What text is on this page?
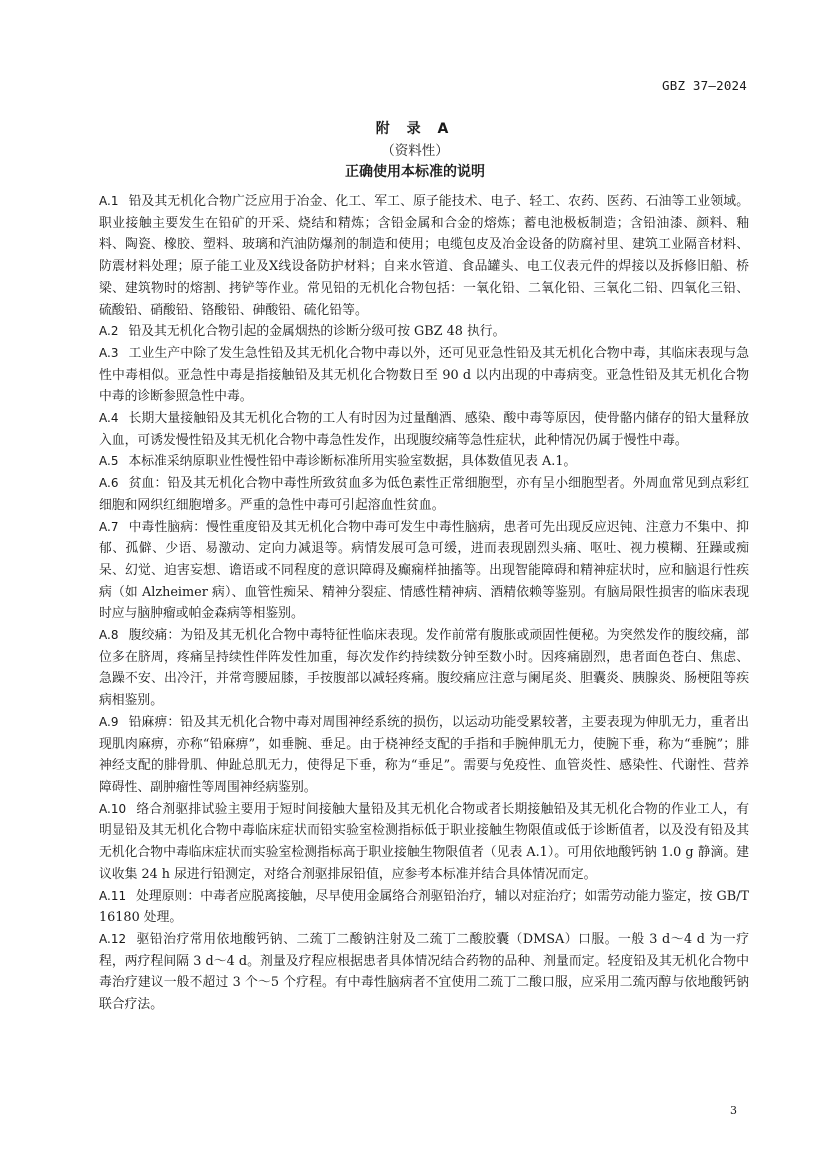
GBZ 37—2024
附 录 A
（资料性）
正确使用本标准的说明

A.1 铅及其无机化合物广泛应用于冶金、化工、军工、原子能技术、电子、轻工、农药、医药、石油等工业领域。职业接触主要发生在铅矿的开采、烧结和精炼；含铅金属和合金的熔炼；蓄电池极板制造；含铅油漆、颜料、釉料、陶瓷、橡胶、塑料、玻璃和汽油防爆剂的制造和使用；电缆包皮及冶金设备的防腐衬里、建筑工业隔音材料、防震材料处理；原子能工业及X线设备防护材料；自来水管道、食品罐头、电工仪表元件的焊接以及拆修旧船、桥梁、建筑物时的熔割、拷铲等作业。常见铅的无机化合物包括：一氧化铅、二氧化铅、三氧化二铅、四氧化三铅、硫酸铅、硝酸铅、铬酸铅、砷酸铅、硫化铅等。

A.2 铅及其无机化合物引起的金属烟热的诊断分级可按 GBZ 48 执行。

A.3 工业生产中除了发生急性铅及其无机化合物中毒以外，还可见亚急性铅及其无机化合物中毒，其临床表现与急性中毒相似。亚急性中毒是指接触铅及其无机化合物数日至 90 d 以内出现的中毒病变。亚急性铅及其无机化合物中毒的诊断参照急性中毒。

A.4 长期大量接触铅及其无机化合物的工人有时因为过量酗酒、感染、酸中毒等原因，使骨骼内储存的铅大量释放入血，可诱发慢性铅及其无机化合物中毒急性发作，出现腹绞痛等急性症状，此种情况仍属于慢性中毒。

A.5 本标准采纳原职业性慢性铅中毒诊断标准所用实验室数据，具体数值见表 A.1。

A.6 贫血：铅及其无机化合物中毒性所致贫血多为低色素性正常细胞型，亦有呈小细胞型者。外周血常见到点彩红细胞和网织红细胞增多。严重的急性中毒可引起溶血性贫血。

A.7 中毒性脑病：慢性重度铅及其无机化合物中毒可发生中毒性脑病，患者可先出现反应迟钝、注意力不集中、抑郁、孤僻、少语、易激动、定向力减退等。病情发展可急可缓，进而表现剧烈头痛、呕吐、视力模糊、狂躁或痴呆、幻觉、迫害妄想、谵语或不同程度的意识障碍及癫痫样抽搐等。出现智能障碍和精神症状时，应和脑退行性疾病（如 Alzheimer 病）、血管性痴呆、精神分裂症、情感性精神病、酒精依赖等鉴别。有脑局限性损害的临床表现时应与脑肿瘤或帕金森病等相鉴别。

A.8 腹绞痛：为铅及其无机化合物中毒特征性临床表现。发作前常有腹胀或顽固性便秘。为突然发作的腹绞痛，部位多在脐周，疼痛呈持续性伴阵发性加重，每次发作约持续数分钟至数小时。因疼痛剧烈，患者面色苍白、焦虑、急躁不安、出冷汗，并常弯腰屈膝，手按腹部以减轻疼痛。腹绞痛应注意与阑尾炎、胆囊炎、胰腺炎、肠梗阻等疾病相鉴别。

A.9 铅麻痹：铅及其无机化合物中毒对周围神经系统的损伤，以运动功能受累较著，主要表现为伸肌无力，重者出现肌肉麻痹，亦称“铅麻痹”，如垂腕、垂足。由于桡神经支配的手指和手腕伸肌无力，使腕下垂，称为“垂腕”；腓神经支配的腓骨肌、伸趾总肌无力，使得足下垂，称为“垂足”。需要与免疫性、血管炎性、感染性、代谢性、营养障碍性、副肿瘤性等周围神经病鉴别。

A.10 络合剂驱排试验主要用于短时间接触大量铅及其无机化合物或者长期接触铅及其无机化合物的作业工人，有明显铅及其无机化合物中毒临床症状而铅实验室检测指标低于职业接触生物限值或低于诊断值者，以及没有铅及其无机化合物中毒临床症状而实验室检测指标高于职业接触生物限值者（见表 A.1）。可用依地酸钙钠 1.0 g 静滴。建议收集 24 h 尿进行铅测定，对络合剂驱排尿铅值，应参考本标准并结合具体情况而定。

A.11 处理原则：中毒者应脱离接触，尽早使用金属络合剂驱铅治疗，辅以对症治疗；如需劳动能力鉴定，按 GB/T 16180 处理。

A.12 驱铅治疗常用依地酸钙钠、二巯丁二酸钠注射及二巯丁二酸胶囊（DMSA）口服。一般 3 d～4 d 为一疗程，两疗程间隔 3 d～4 d。剂量及疗程应根据患者具体情况结合药物的品种、剂量而定。轻度铅及其无机化合物中毒治疗建议一般不超过 3 个～5 个疗程。有中毒性脑病者不宜使用二巯丁二酸口服，应采用二巯丙醇与依地酸钙钠联合疗法。

3
